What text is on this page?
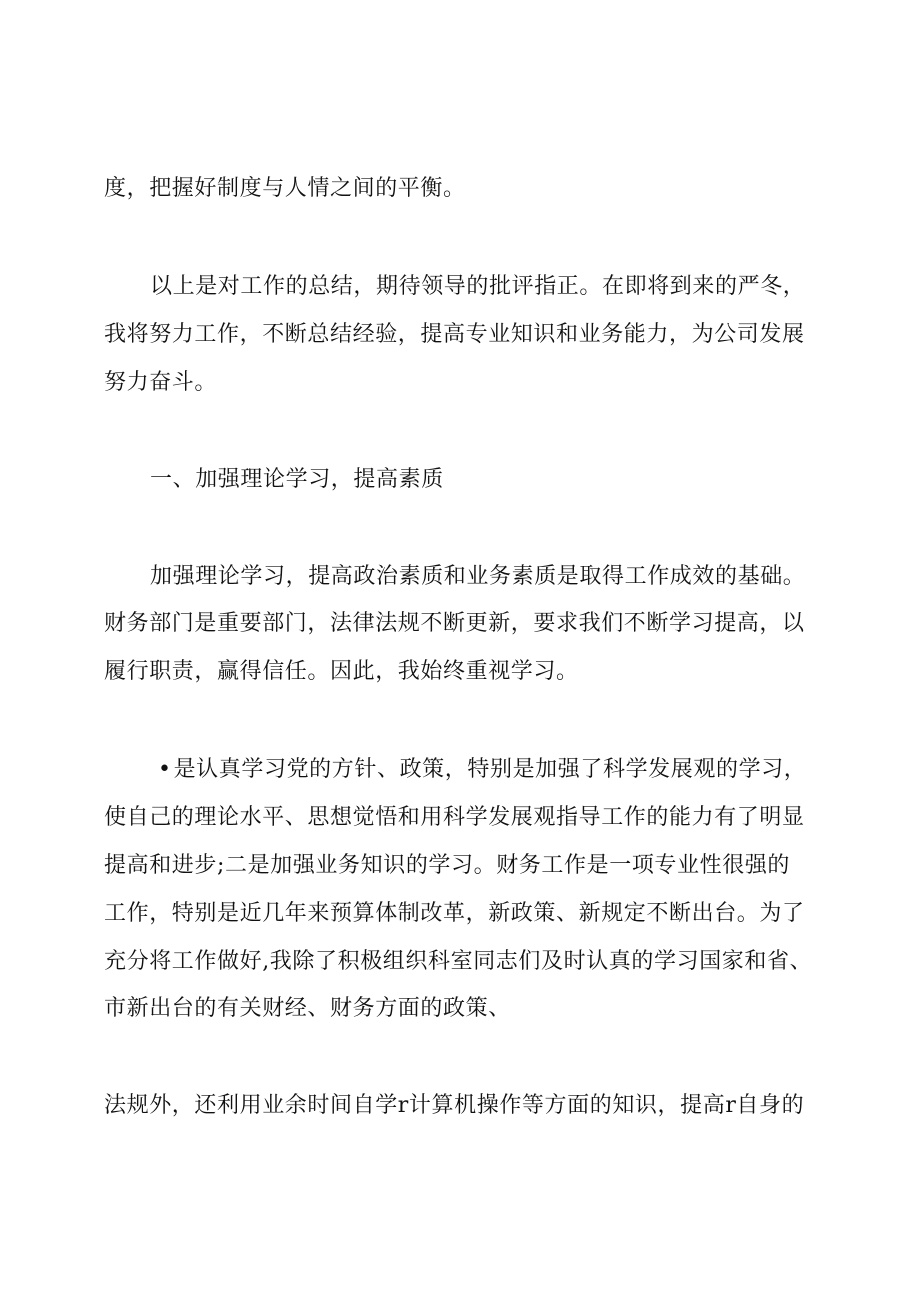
度，把握好制度与人情之间的平衡。
以上是对工作的总结，期待领导的批评指正。在即将到来的严冬，
我将努力工作，不断总结经验，提高专业知识和业务能力，为公司发展
努力奋斗。
一、加强理论学习，提高素质
加强理论学习，提高政治素质和业务素质是取得工作成效的基础。
财务部门是重要部门，法律法规不断更新，要求我们不断学习提高，以
履行职责，赢得信任。因此，我始终重视学习。
•是认真学习党的方针、政策，特别是加强了科学发展观的学习，
使自己的理论水平、思想觉悟和用科学发展观指导工作的能力有了明显
提高和进步;二是加强业务知识的学习。财务工作是一项专业性很强的
工作，特别是近几年来预算体制改革，新政策、新规定不断出台。为了
充分将工作做好,我除了积极组织科室同志们及时认真的学习国家和省、
市新出台的有关财经、财务方面的政策、
法规外，还利用业余时间自学r计算机操作等方面的知识，提高r自身的
